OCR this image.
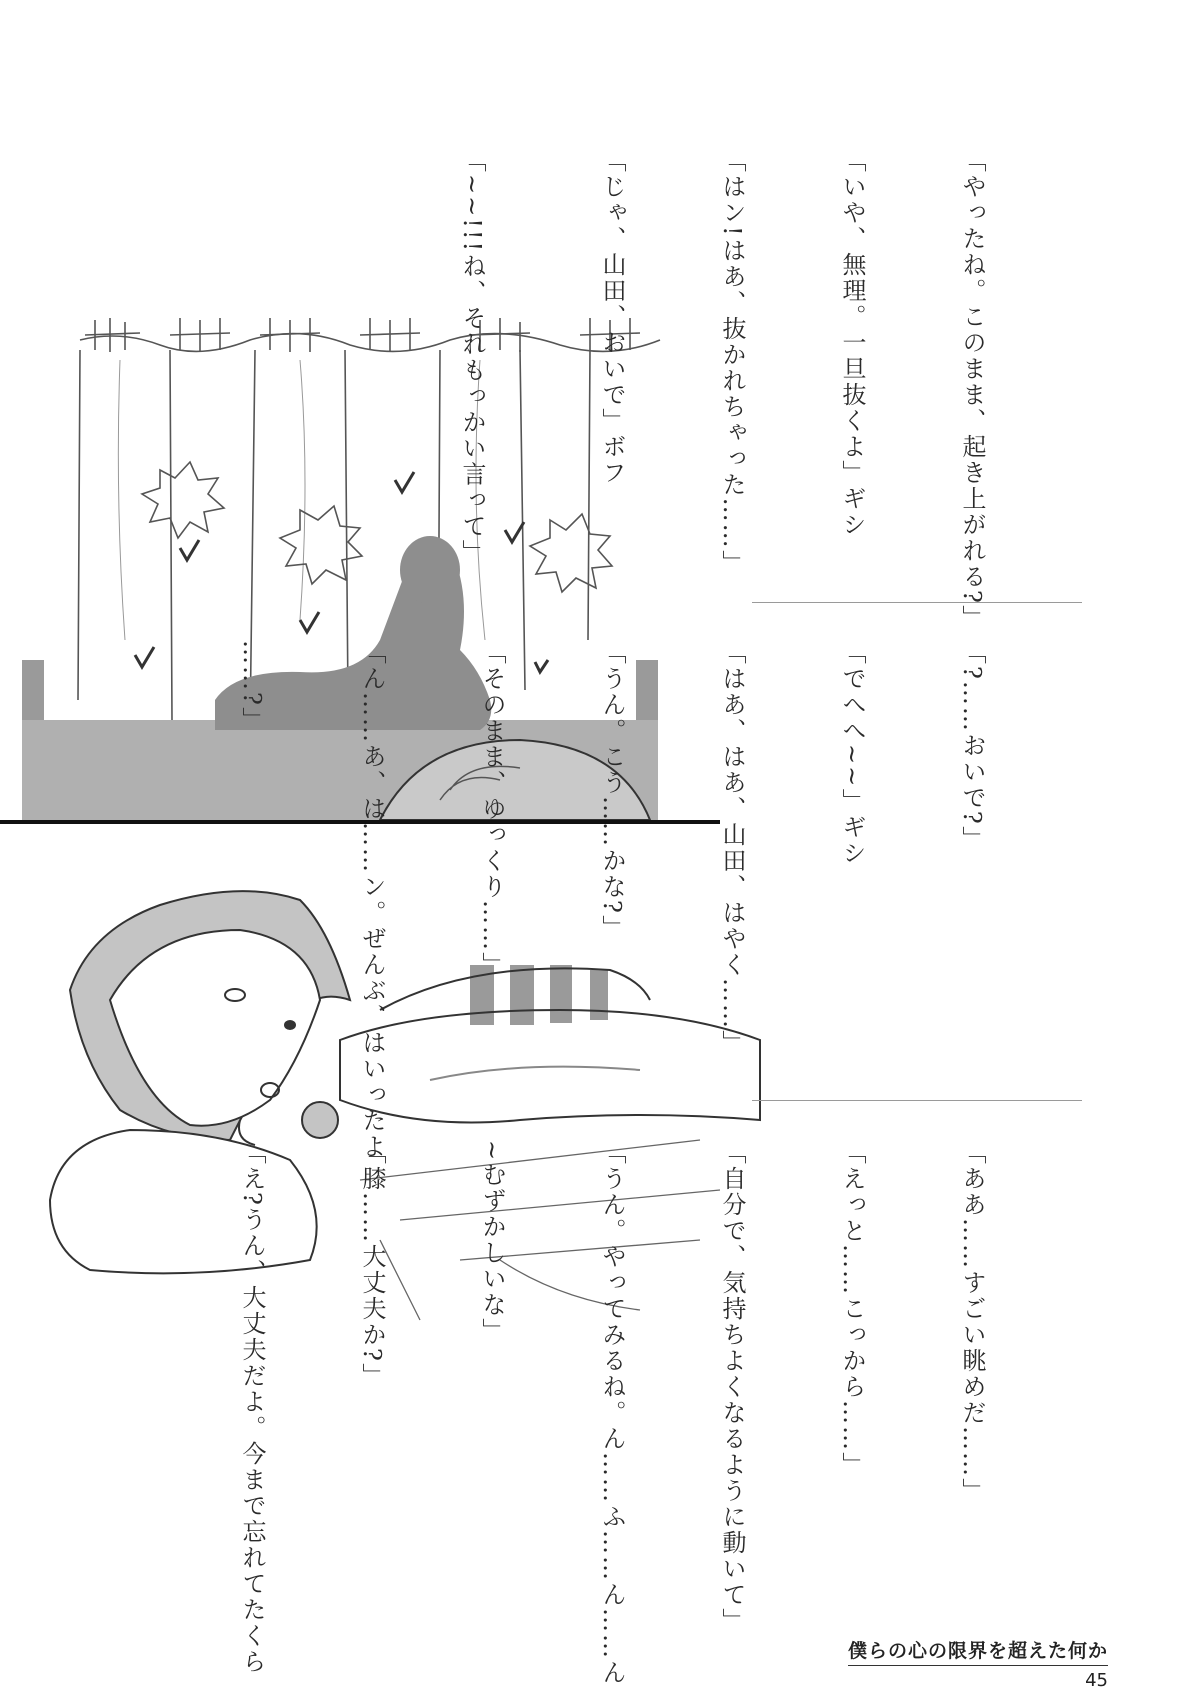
「やったね。このまま、起き上がれる?」

「いや、無理。一旦抜くよ」ギシ

「はン!はあ、抜かれちゃった……」

「じゃ、山田、おいで」ボフ

「~~!!!ね、それもっかい言って」

「?……おいで?」

「でへへ~~」ギシ

「はあ、はあ、山田、はやく……」

「うん。こう……かな?」

「そのまま、ゆっくり……」

「ん……あ、は……ン。ぜんぶ、はいったよ

……?」

「ああ……すごい眺めだ……」

「えっと……こっから……」

「自分で、気持ちよくなるように動いて」

「うん。やってみるね。ん……ふ……ん……ん

~むずかしいな」

「膝……大丈夫か?」

「え?うん、大丈夫だよ。今まで忘れてたくら

	僕らの心の限界を超えた何か
45
